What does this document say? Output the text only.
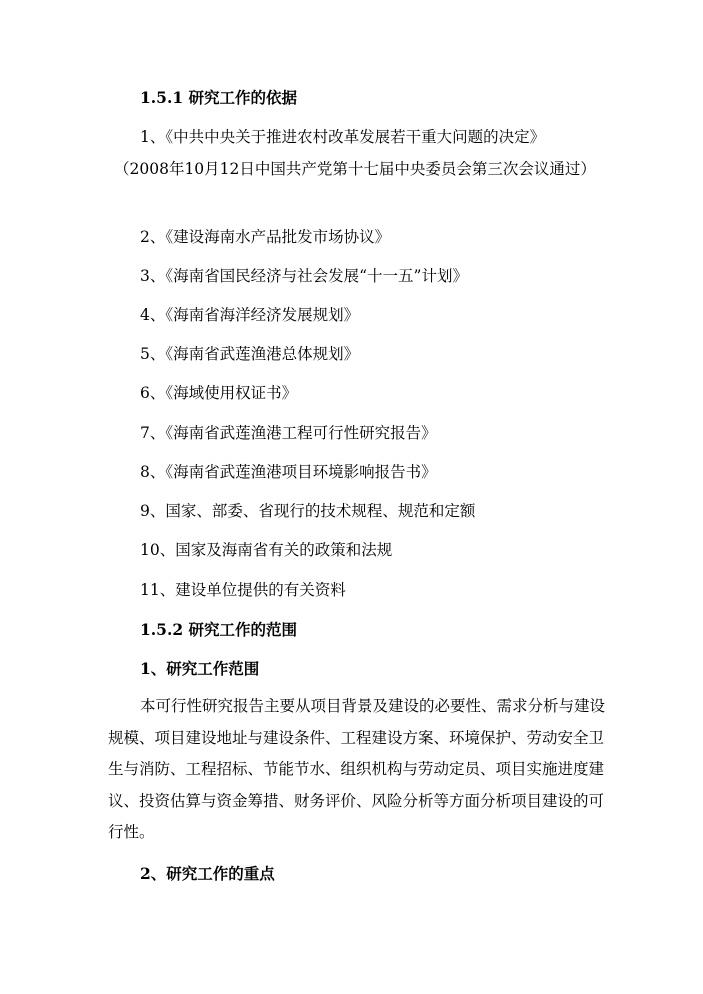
1.5.1 研究工作的依据
1、《中共中央关于推进农村改革发展若干重大问题的决定》
（2008年10月12日中国共产党第十七届中央委员会第三次会议通过）
2、《建设海南水产品批发市场协议》
3、《海南省国民经济与社会发展“十一五”计划》
4、《海南省海洋经济发展规划》
5、《海南省武莲渔港总体规划》
6、《海域使用权证书》
7、《海南省武莲渔港工程可行性研究报告》
8、《海南省武莲渔港项目环境影响报告书》
9、国家、部委、省现行的技术规程、规范和定额
10、国家及海南省有关的政策和法规
11、建设单位提供的有关资料
1.5.2 研究工作的范围
1、研究工作范围
本可行性研究报告主要从项目背景及建设的必要性、需求分析与建设规模、项目建设地址与建设条件、工程建设方案、环境保护、劳动安全卫生与消防、工程招标、节能节水、组织机构与劳动定员、项目实施进度建议、投资估算与资金筹措、财务评价、风险分析等方面分析项目建设的可行性。
2、研究工作的重点
